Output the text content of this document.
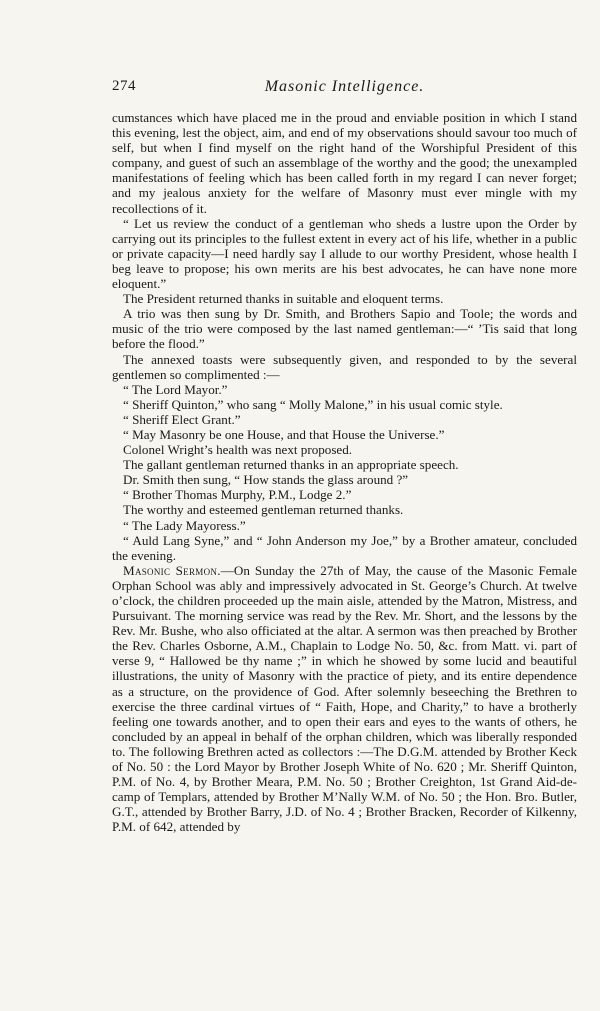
274	Masonic Intelligence.

cumstances which have placed me in the proud and enviable position in which I stand this evening, lest the object, aim, and end of my observations should savour too much of self, but when I find myself on the right hand of the Worshipful President of this company, and guest of such an assemblage of the worthy and the good; the unexampled manifestations of feeling which has been called forth in my regard I can never forget; and my jealous anxiety for the welfare of Masonry must ever mingle with my recollections of it.

“ Let us review the conduct of a gentleman who sheds a lustre upon the Order by carrying out its principles to the fullest extent in every act of his life, whether in a public or private capacity—I need hardly say I allude to our worthy President, whose health I beg leave to propose; his own merits are his best advocates, he can have none more eloquent.”

The President returned thanks in suitable and eloquent terms.

A trio was then sung by Dr. Smith, and Brothers Sapio and Toole; the words and music of the trio were composed by the last named gentleman:—“ ’Tis said that long before the flood.”

The annexed toasts were subsequently given, and responded to by the several gentlemen so complimented :—

“ The Lord Mayor.”

“ Sheriff Quinton,” who sang “ Molly Malone,” in his usual comic style.

“ Sheriff Elect Grant.”

“ May Masonry be one House, and that House the Universe.”

Colonel Wright’s health was next proposed.

The gallant gentleman returned thanks in an appropriate speech.

Dr. Smith then sung, “ How stands the glass around ?”

“ Brother Thomas Murphy, P.M., Lodge 2.”

The worthy and esteemed gentleman returned thanks.

“ The Lady Mayoress.”

“ Auld Lang Syne,” and “ John Anderson my Joe,” by a Brother amateur, concluded the evening.

Masonic Sermon.—On Sunday the 27th of May, the cause of the Masonic Female Orphan School was ably and impressively advocated in St. George’s Church. At twelve o’clock, the children proceeded up the main aisle, attended by the Matron, Mistress, and Pursuivant. The morning service was read by the Rev. Mr. Short, and the lessons by the Rev. Mr. Bushe, who also officiated at the altar. A sermon was then preached by Brother the Rev. Charles Osborne, A.M., Chaplain to Lodge No. 50, &c. from Matt. vi. part of verse 9, “ Hallowed be thy name ;” in which he showed by some lucid and beautiful illustrations, the unity of Masonry with the practice of piety, and its entire dependence as a structure, on the providence of God. After solemnly beseeching the Brethren to exercise the three cardinal virtues of “ Faith, Hope, and Charity,” to have a brotherly feeling one towards another, and to open their ears and eyes to the wants of others, he concluded by an appeal in behalf of the orphan children, which was liberally responded to. The following Brethren acted as collectors :—The D.G.M. attended by Brother Keck of No. 50 : the Lord Mayor by Brother Joseph White of No. 620 ; Mr. Sheriff Quinton, P.M. of No. 4, by Brother Meara, P.M. No. 50 ; Brother Creighton, 1st Grand Aid-de-camp of Templars, attended by Brother M’Nally W.M. of No. 50 ; the Hon. Bro. Butler, G.T., attended by Brother Barry, J.D. of No. 4 ; Brother Bracken, Recorder of Kilkenny, P.M. of 642, attended by
